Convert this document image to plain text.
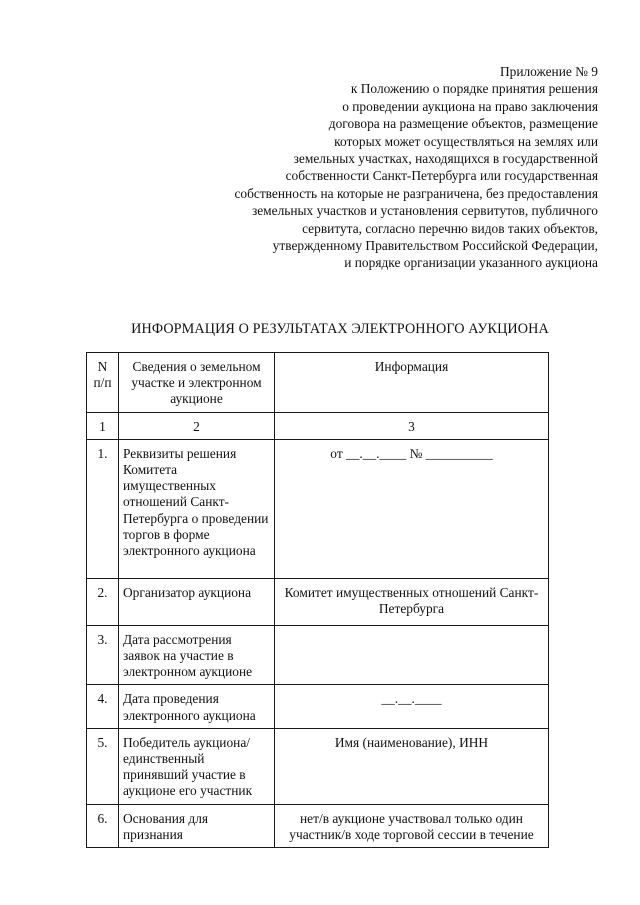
Приложение № 9
к Положению о порядке принятия решения
о проведении аукциона на право заключения
договора на размещение объектов, размещение
которых может осуществляться на землях или
земельных участках, находящихся в государственной
собственности Санкт-Петербурга или государственная
собственность на которые не разграничена, без предоставления
земельных участков и установления сервитутов, публичного
сервитута, согласно перечню видов таких объектов,
утвержденному Правительством Российской Федерации,
и порядке организации указанного аукциона
ИНФОРМАЦИЯ О РЕЗУЛЬТАТАХ ЭЛЕКТРОННОГО АУКЦИОНА
N п/п	Сведения о земельном участке и электронном аукционе	Информация
1	2	3
1.	Реквизиты решения Комитета имущественных отношений Санкт-Петербурга о проведении торгов в форме электронного аукциона	от __.__.____ № __________
2.	Организатор аукциона	Комитет имущественных отношений Санкт-Петербурга
3.	Дата рассмотрения заявок на участие в электронном аукционе	
4.	Дата проведения электронного аукциона	__.__.____
5.	Победитель аукциона/единственный принявший участие в аукционе его участник	Имя (наименование), ИНН
6.	Основания для признания	нет/в аукционе участвовал только один участник/в ходе торговой сессии в течение
